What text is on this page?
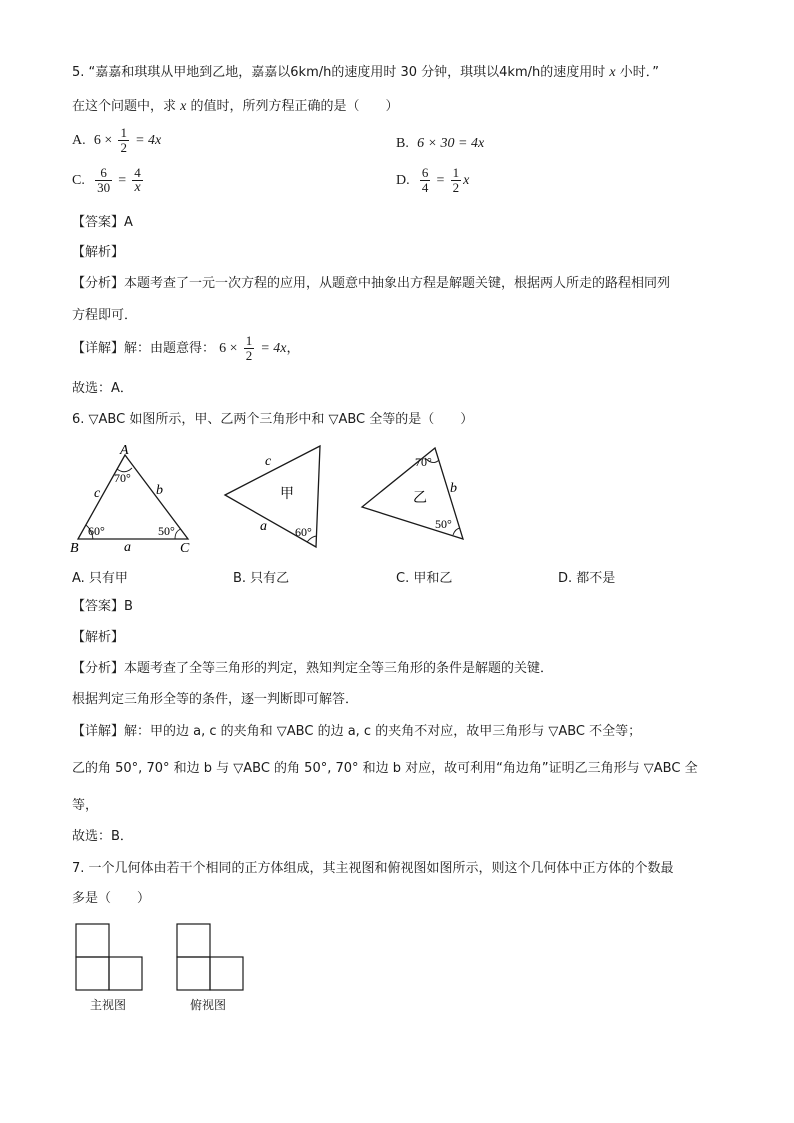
5. “嘉嘉和琪琪从甲地到乙地，嘉嘉以6km/h的速度用时 30 分钟，琪琪以4km/h的速度用时 x 小时．”
在这个问题中，求 x 的值时，所列方程正确的是（　　）
A. $6 \times \frac{1}{2} = 4x$	B. 6 × 30 = 4x
C. $\frac{6}{30} = \frac{4}{x}$	D. $\frac{6}{4} = \frac{1}{2}$ x
【答案】A
【解析】
【分析】本题考查了一元一次方程的应用，从题意中抽象出方程是解题关键，根据两人所走的路程相同列
方程即可．
【详解】解：由题意得： $6 \times \frac{1}{2} = 4x$，
故选：A．
6. ▽ABC 如图所示，甲、乙两个三角形中和 ▽ABC 全等的是（　　）
A
B	C
c	b
a
70°
60°	50°
c
a 60°
甲
70°
50°
b
乙
A. 只有甲	B. 只有乙	C. 甲和乙	D. 都不是
【答案】B
【解析】
【分析】本题考查了全等三角形的判定，熟知判定全等三角形的条件是解题的关键．
根据判定三角形全等的条件，逐一判断即可解答．
【详解】解：甲的边 a, c 的夹角和 ▽ABC 的边 a, c 的夹角不对应，故甲三角形与 ▽ABC 不全等；
乙的角 50°, 70° 和边 b 与 ▽ABC 的角 50°, 70° 和边 b 对应，故可利用“角边角”证明乙三角形与 ▽ABC 全
等，
故选：B．
7. 一个几何体由若干个相同的正方体组成，其主视图和俯视图如图所示，则这个几何体中正方体的个数最
多是（　　）
主视图	俯视图
